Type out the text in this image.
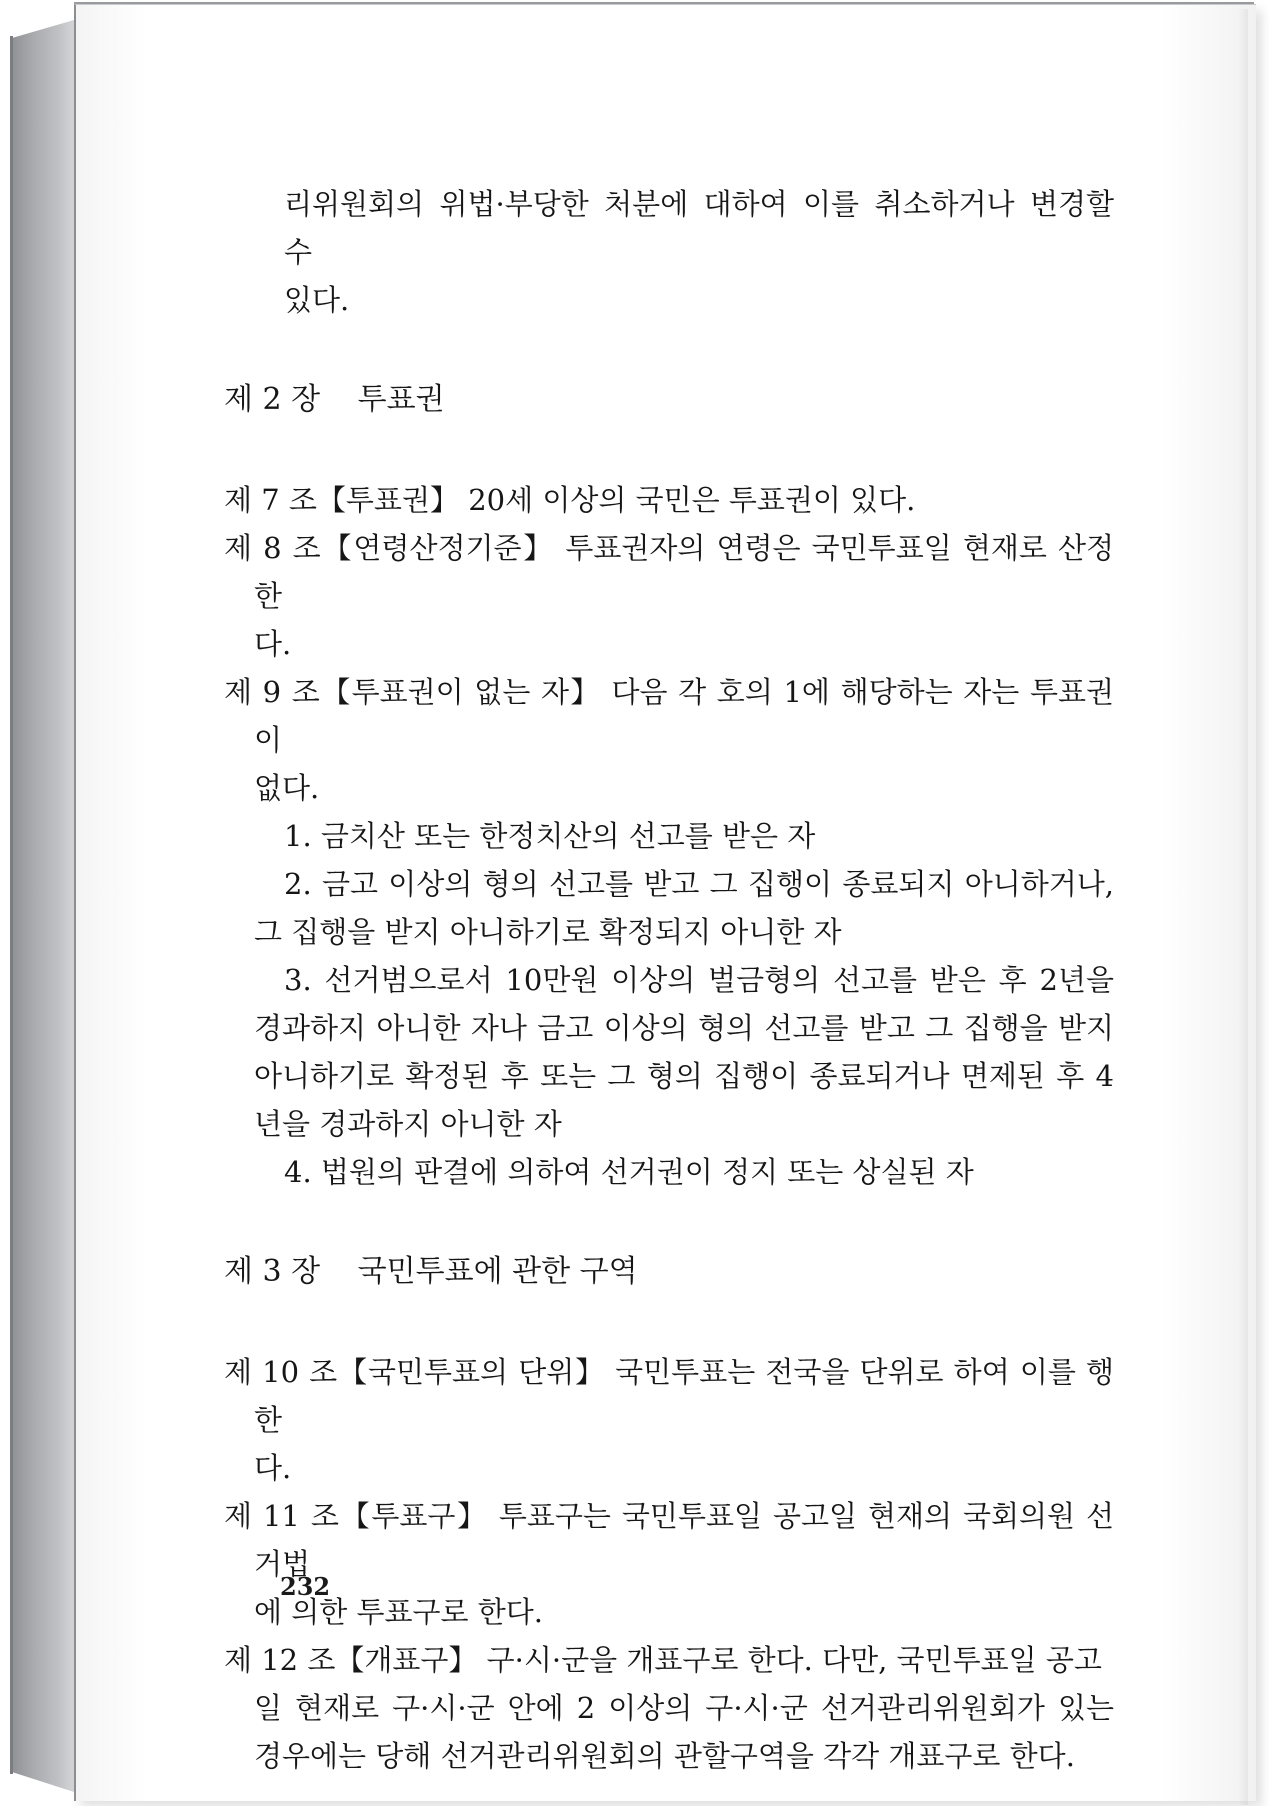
리위원회의 위법·부당한 처분에 대하여 이를 취소하거나 변경할 수
있다.

제 2 장 투표권

제 7 조【투표권】 20세 이상의 국민은 투표권이 있다.

제 8 조【연령산정기준】 투표권자의 연령은 국민투표일 현재로 산정한
다.

제 9 조【투표권이 없는 자】 다음 각 호의 1에 해당하는 자는 투표권이
없다.

1. 금치산 또는 한정치산의 선고를 받은 자

2. 금고 이상의 형의 선고를 받고 그 집행이 종료되지 아니하거나, 그 집행을 받지 아니하기로 확정되지 아니한 자

3. 선거범으로서 10만원 이상의 벌금형의 선고를 받은 후 2년을 경과하지 아니한 자나 금고 이상의 형의 선고를 받고 그 집행을 받지 아니하기로 확정된 후 또는 그 형의 집행이 종료되거나 면제된 후 4년을 경과하지 아니한 자

4. 법원의 판결에 의하여 선거권이 정지 또는 상실된 자

제 3 장 국민투표에 관한 구역

제 10 조【국민투표의 단위】 국민투표는 전국을 단위로 하여 이를 행한
다.

제 11 조【투표구】 투표구는 국민투표일 공고일 현재의 국회의원 선거법
에 의한 투표구로 한다.

제 12 조【개표구】 구·시·군을 개표구로 한다. 다만, 국민투표일 공고
일 현재로 구·시·군 안에 2 이상의 구·시·군 선거관리위원회가 있는 경우에는 당해 선거관리위원회의 관할구역을 각각 개표구로 한다.

232
